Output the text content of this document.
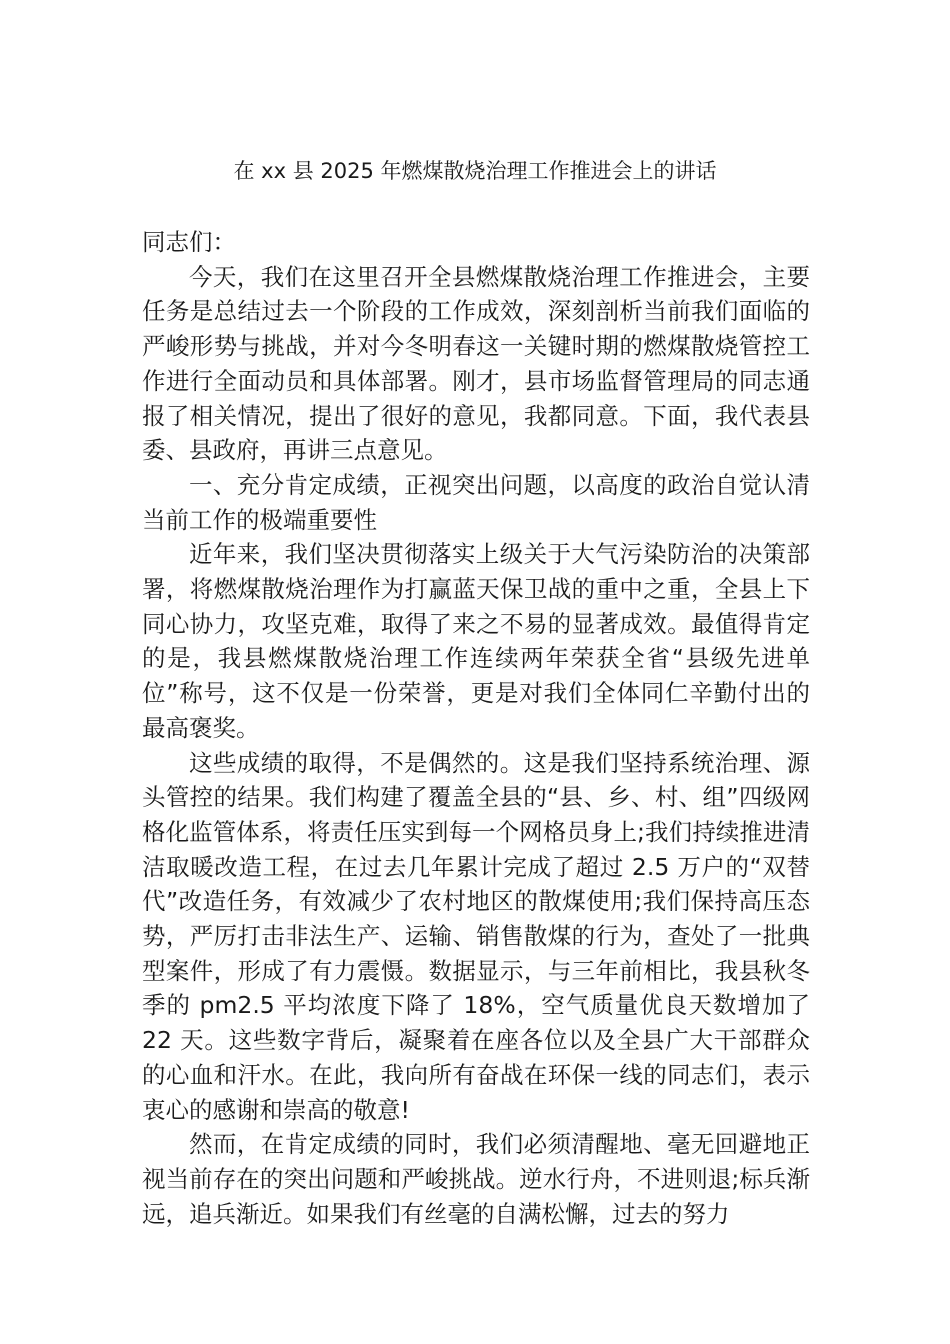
在 xx 县 2025 年燃煤散烧治理工作推进会上的讲话

同志们：

今天，我们在这里召开全县燃煤散烧治理工作推进会，主要任务是总结过去一个阶段的工作成效，深刻剖析当前我们面临的严峻形势与挑战，并对今冬明春这一关键时期的燃煤散烧管控工作进行全面动员和具体部署。刚才，县市场监督管理局的同志通报了相关情况，提出了很好的意见，我都同意。下面，我代表县委、县政府，再讲三点意见。

一、充分肯定成绩，正视突出问题，以高度的政治自觉认清当前工作的极端重要性

近年来，我们坚决贯彻落实上级关于大气污染防治的决策部署，将燃煤散烧治理作为打赢蓝天保卫战的重中之重，全县上下同心协力，攻坚克难，取得了来之不易的显著成效。最值得肯定的是，我县燃煤散烧治理工作连续两年荣获全省“县级先进单位”称号，这不仅是一份荣誉，更是对我们全体同仁辛勤付出的最高褒奖。

这些成绩的取得，不是偶然的。这是我们坚持系统治理、源头管控的结果。我们构建了覆盖全县的“县、乡、村、组”四级网格化监管体系，将责任压实到每一个网格员身上;我们持续推进清洁取暖改造工程，在过去几年累计完成了超过 2.5 万户的“双替代”改造任务，有效减少了农村地区的散煤使用;我们保持高压态势，严厉打击非法生产、运输、销售散煤的行为，查处了一批典型案件，形成了有力震慑。数据显示，与三年前相比，我县秋冬季的 pm2.5 平均浓度下降了 18%，空气质量优良天数增加了 22 天。这些数字背后，凝聚着在座各位以及全县广大干部群众的心血和汗水。在此，我向所有奋战在环保一线的同志们，表示衷心的感谢和崇高的敬意!

然而，在肯定成绩的同时，我们必须清醒地、毫无回避地正视当前存在的突出问题和严峻挑战。逆水行舟，不进则退;标兵渐远，追兵渐近。如果我们有丝毫的自满松懈，过去的努力
